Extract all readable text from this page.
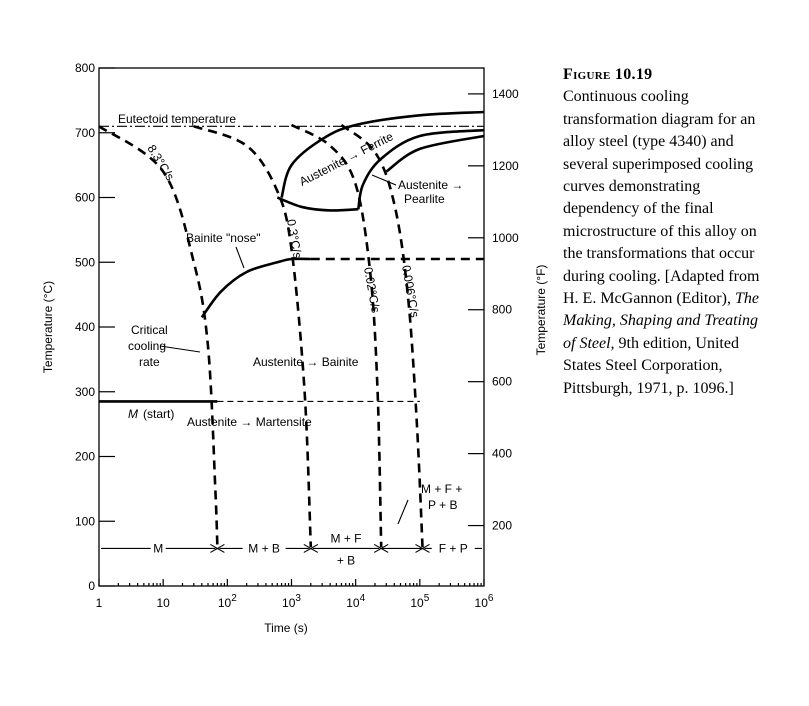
1	10	$10^2$	$10^3$	$10^4$	$10^5$	$10^6$
0
100
200
300
400
500
600
700
800
200
400
600
800
1000
1200
1400
M	M + B
M + F
+ B
F + P
Time (s)
Temperature (°C)	Temperature (°F)
Eutectoid temperature
Austenite → Ferrite Austenite →
Pearlite
Bainite "nose"
Critical
cooling
rate	Austenite → Bainite
M (start)
Austenite → Martensite
M + F +
P + B
8.3°C/s
0.3°C/s
0.02°C/s 0.006°C/s
Figure 10.19
Continuous cooling transformation diagram for an alloy steel (type 4340) and several superimposed cooling curves demonstrating dependency of the final microstructure of this alloy on the transformations that occur during cooling. [Adapted from H. E. McGannon (Editor), The Making, Shaping and Treating of Steel, 9th edition, United States Steel Corporation, Pittsburgh, 1971, p. 1096.]
